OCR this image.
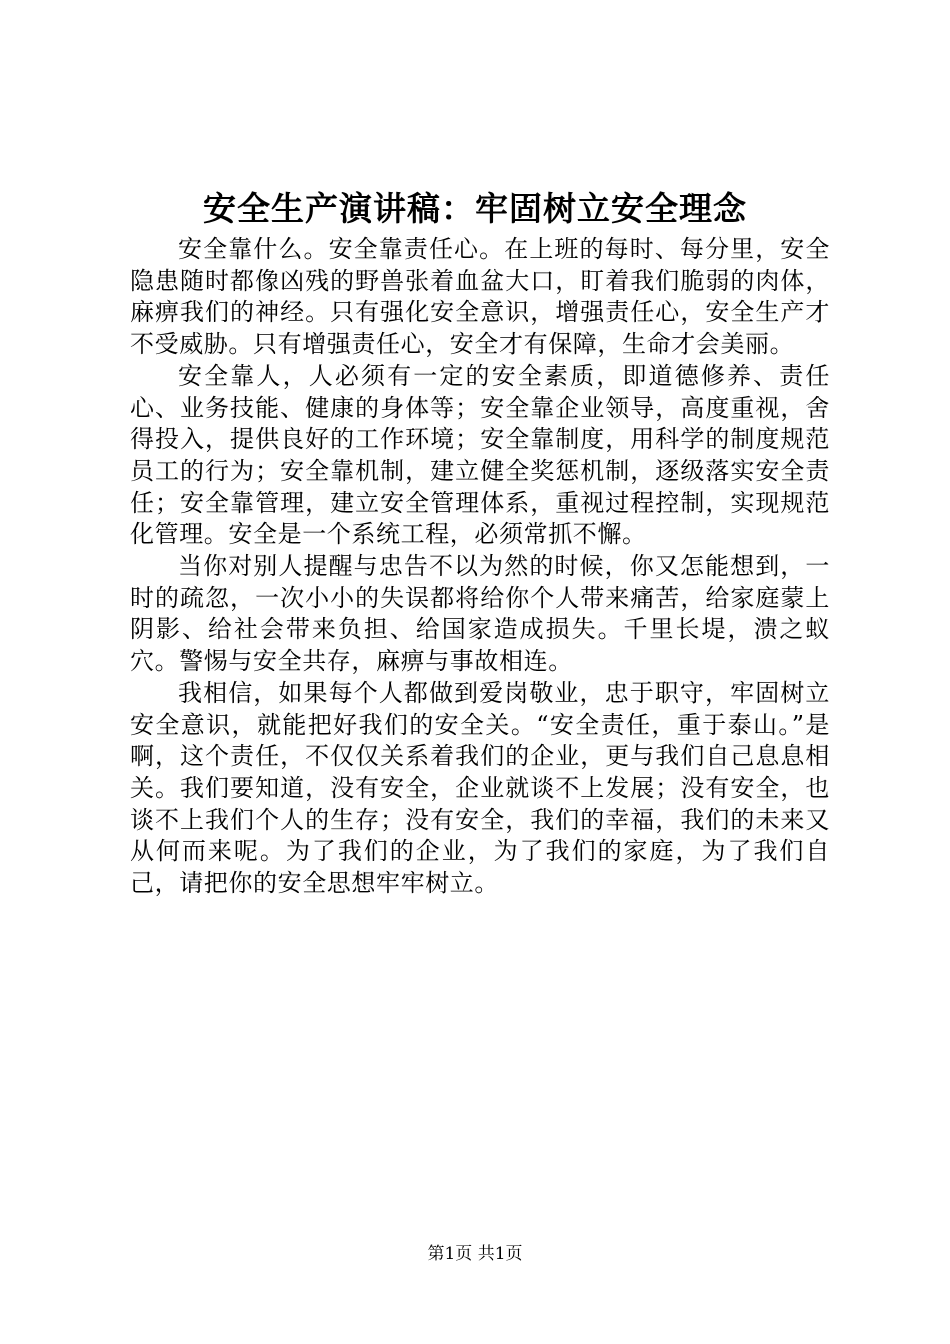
安全生产演讲稿：牢固树立安全理念

安全靠什么。安全靠责任心。在上班的每时、每分里，安全隐患随时都像凶残的野兽张着血盆大口，盯着我们脆弱的肉体，麻痹我们的神经。只有强化安全意识，增强责任心，安全生产才不受威胁。只有增强责任心，安全才有保障，生命才会美丽。

安全靠人，人必须有一定的安全素质，即道德修养、责任心、业务技能、健康的身体等；安全靠企业领导，高度重视，舍得投入，提供良好的工作环境；安全靠制度，用科学的制度规范员工的行为；安全靠机制，建立健全奖惩机制，逐级落实安全责任；安全靠管理，建立安全管理体系，重视过程控制，实现规范化管理。安全是一个系统工程，必须常抓不懈。

当你对别人提醒与忠告不以为然的时候，你又怎能想到，一时的疏忽，一次小小的失误都将给你个人带来痛苦，给家庭蒙上阴影、给社会带来负担、给国家造成损失。千里长堤，溃之蚁穴。警惕与安全共存，麻痹与事故相连。

我相信，如果每个人都做到爱岗敬业，忠于职守，牢固树立安全意识，就能把好我们的安全关。“安全责任，重于泰山。”是啊，这个责任，不仅仅关系着我们的企业，更与我们自己息息相关。我们要知道，没有安全，企业就谈不上发展；没有安全，也谈不上我们个人的生存；没有安全，我们的幸福，我们的未来又从何而来呢。为了我们的企业，为了我们的家庭，为了我们自己，请把你的安全思想牢牢树立。

第1页 共1页
